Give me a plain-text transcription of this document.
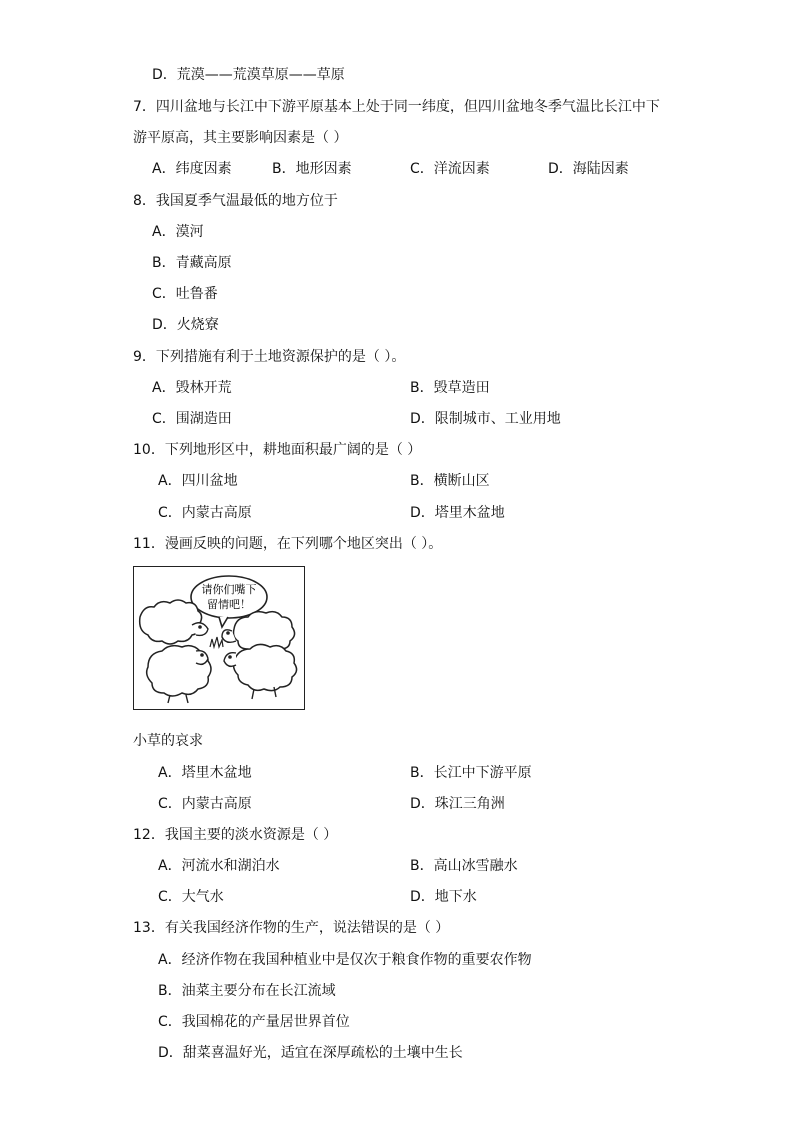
D．荒漠——荒漠草原——草原
7．四川盆地与长江中下游平原基本上处于同一纬度，但四川盆地冬季气温比长江中下
游平原高，其主要影响因素是（ ）
A．纬度因素	B．地形因素	C．洋流因素	D．海陆因素
8．我国夏季气温最低的地方位于
A．漠河
B．青藏高原
C．吐鲁番
D．火烧寮
9．下列措施有利于土地资源保护的是（ ）。
A．毁林开荒	B．毁草造田
C．围湖造田	D．限制城市、工业用地
10．下列地形区中，耕地面积最广阔的是（ ）
A．四川盆地	B．横断山区
C．内蒙古高原	D．塔里木盆地
11．漫画反映的问题，在下列哪个地区突出（ ）。
请你们嘴下
留情吧！
小草的哀求
A．塔里木盆地	B．长江中下游平原
C．内蒙古高原	D．珠江三角洲
12．我国主要的淡水资源是（ ）
A．河流水和湖泊水	B．高山冰雪融水
C．大气水	D．地下水
13．有关我国经济作物的生产，说法错误的是（ ）
A．经济作物在我国种植业中是仅次于粮食作物的重要农作物
B．油菜主要分布在长江流域
C．我国棉花的产量居世界首位
D．甜菜喜温好光，适宜在深厚疏松的土壤中生长
